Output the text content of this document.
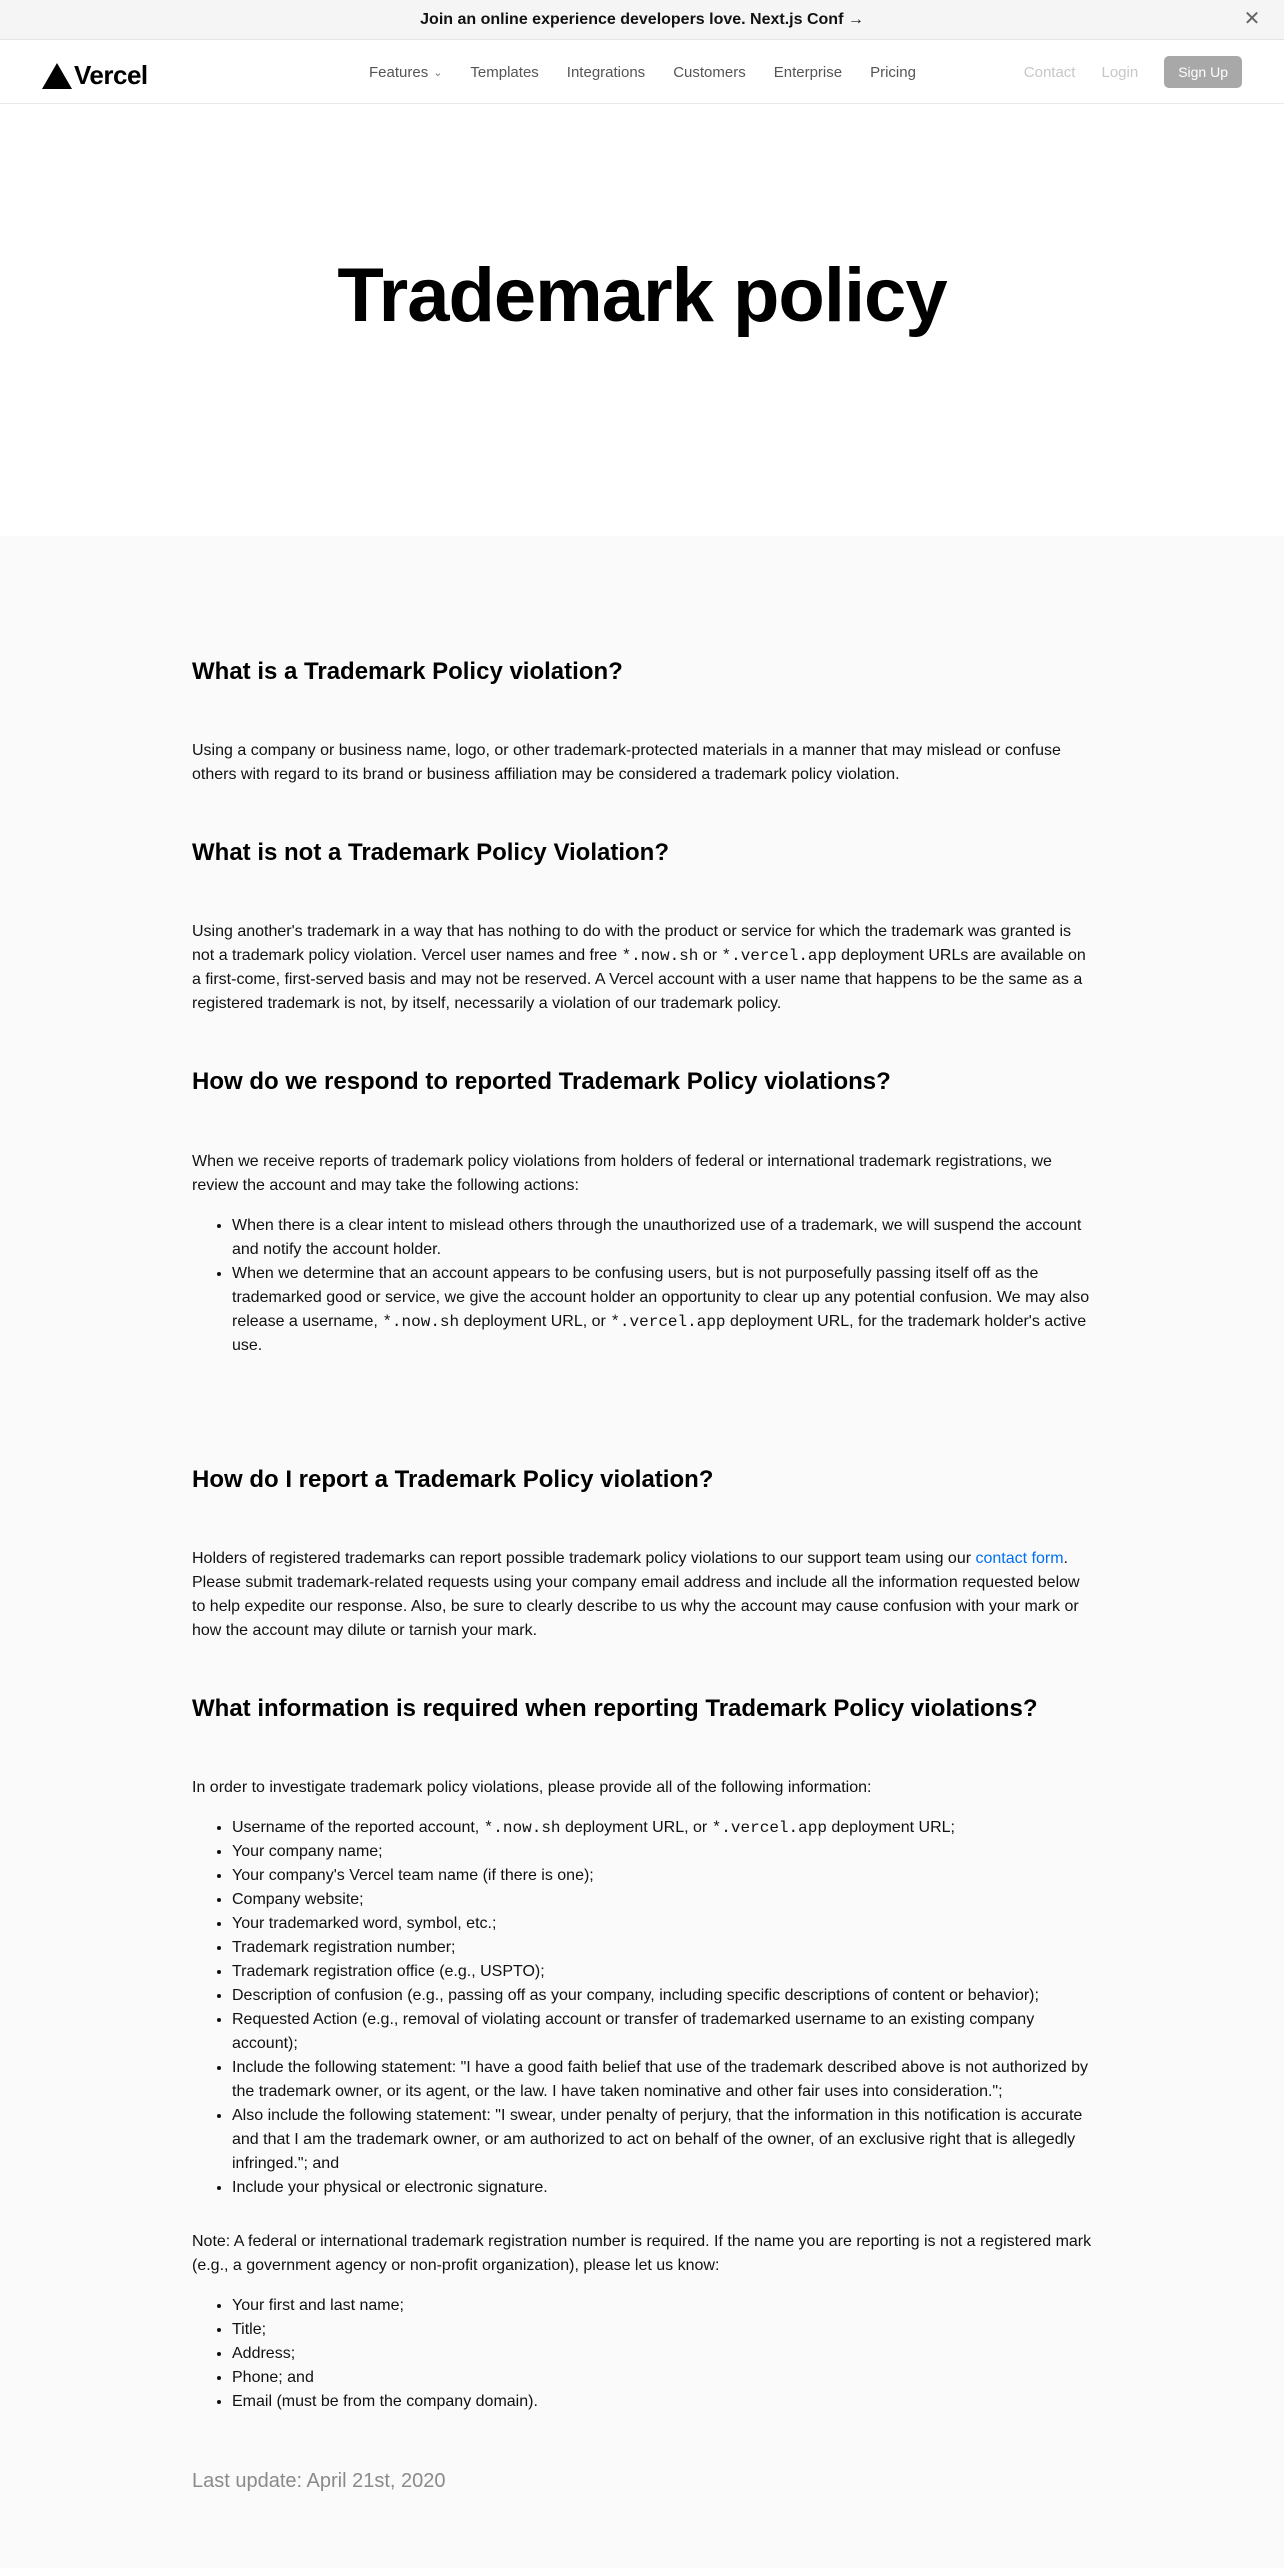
Join an online experience developers love. Next.js Conf →	✕
Vercel	Features ⌄ Templates Integrations Customers Enterprise Pricing	Contact Login	Sign Up
Trademark policy
What is a Trademark Policy violation?

Using a company or business name, logo, or other trademark-protected materials in a manner that may mislead or confuse others with regard to its brand or business affiliation may be considered a trademark policy violation.

What is not a Trademark Policy Violation?

Using another's trademark in a way that has nothing to do with the product or service for which the trademark was granted is not a trademark policy violation. Vercel user names and free *.now.sh or *.vercel.app deployment URLs are available on a first-come, first-served basis and may not be reserved. A Vercel account with a user name that happens to be the same as a registered trademark is not, by itself, necessarily a violation of our trademark policy.

How do we respond to reported Trademark Policy violations?

When we receive reports of trademark policy violations from holders of federal or international trademark registrations, we review the account and may take the following actions:

• When there is a clear intent to mislead others through the unauthorized use of a trademark, we will suspend the account and notify the account holder.
• When we determine that an account appears to be confusing users, but is not purposefully passing itself off as the trademarked good or service, we give the account holder an opportunity to clear up any potential confusion. We may also release a username, *.now.sh deployment URL, or *.vercel.app deployment URL, for the trademark holder's active use.
How do I report a Trademark Policy violation?

Holders of registered trademarks can report possible trademark policy violations to our support team using our contact form. Please submit trademark-related requests using your company email address and include all the information requested below to help expedite our response. Also, be sure to clearly describe to us why the account may cause confusion with your mark or how the account may dilute or tarnish your mark.

What information is required when reporting Trademark Policy violations?

In order to investigate trademark policy violations, please provide all of the following information:

• Username of the reported account, *.now.sh deployment URL, or *.vercel.app deployment URL;
• Your company name;
• Your company's Vercel team name (if there is one);
• Company website;
• Your trademarked word, symbol, etc.;
• Trademark registration number;
• Trademark registration office (e.g., USPTO);
• Description of confusion (e.g., passing off as your company, including specific descriptions of content or behavior);
• Requested Action (e.g., removal of violating account or transfer of trademarked username to an existing company account);
• Include the following statement: "I have a good faith belief that use of the trademark described above is not authorized by the trademark owner, or its agent, or the law. I have taken nominative and other fair uses into consideration.";
• Also include the following statement: "I swear, under penalty of perjury, that the information in this notification is accurate and that I am the trademark owner, or am authorized to act on behalf of the owner, of an exclusive right that is allegedly infringed."; and
• Include your physical or electronic signature.

Note: A federal or international trademark registration number is required. If the name you are reporting is not a registered mark (e.g., a government agency or non-profit organization), please let us know:

• Your first and last name;
• Title;
• Address;
• Phone; and
• Email (must be from the company domain).
Last update: April 21st, 2020
